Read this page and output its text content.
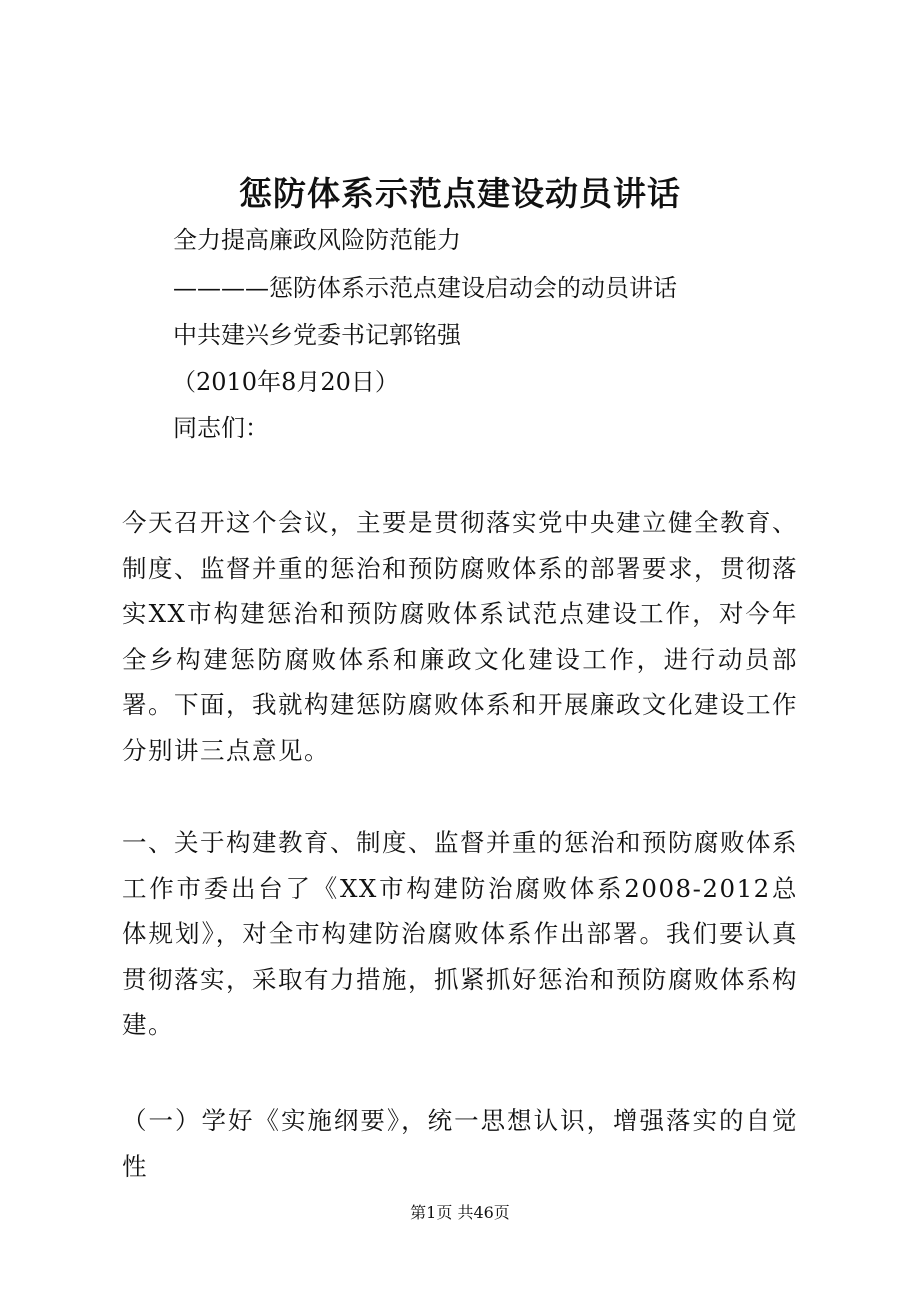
惩防体系示范点建设动员讲话
全力提高廉政风险防范能力
————惩防体系示范点建设启动会的动员讲话
中共建兴乡党委书记郭铭强
（2010年8月20日）
同志们：

今天召开这个会议，主要是贯彻落实党中央建立健全教育、制度、监督并重的惩治和预防腐败体系的部署要求，贯彻落实XX市构建惩治和预防腐败体系试范点建设工作，对今年全乡构建惩防腐败体系和廉政文化建设工作，进行动员部署。下面，我就构建惩防腐败体系和开展廉政文化建设工作分别讲三点意见。

一、关于构建教育、制度、监督并重的惩治和预防腐败体系工作市委出台了《XX市构建防治腐败体系2008-2012总体规划》，对全市构建防治腐败体系作出部署。我们要认真贯彻落实，采取有力措施，抓紧抓好惩治和预防腐败体系构建。

（一）学好《实施纲要》，统一思想认识，增强落实的自觉性

第1页 共46页
